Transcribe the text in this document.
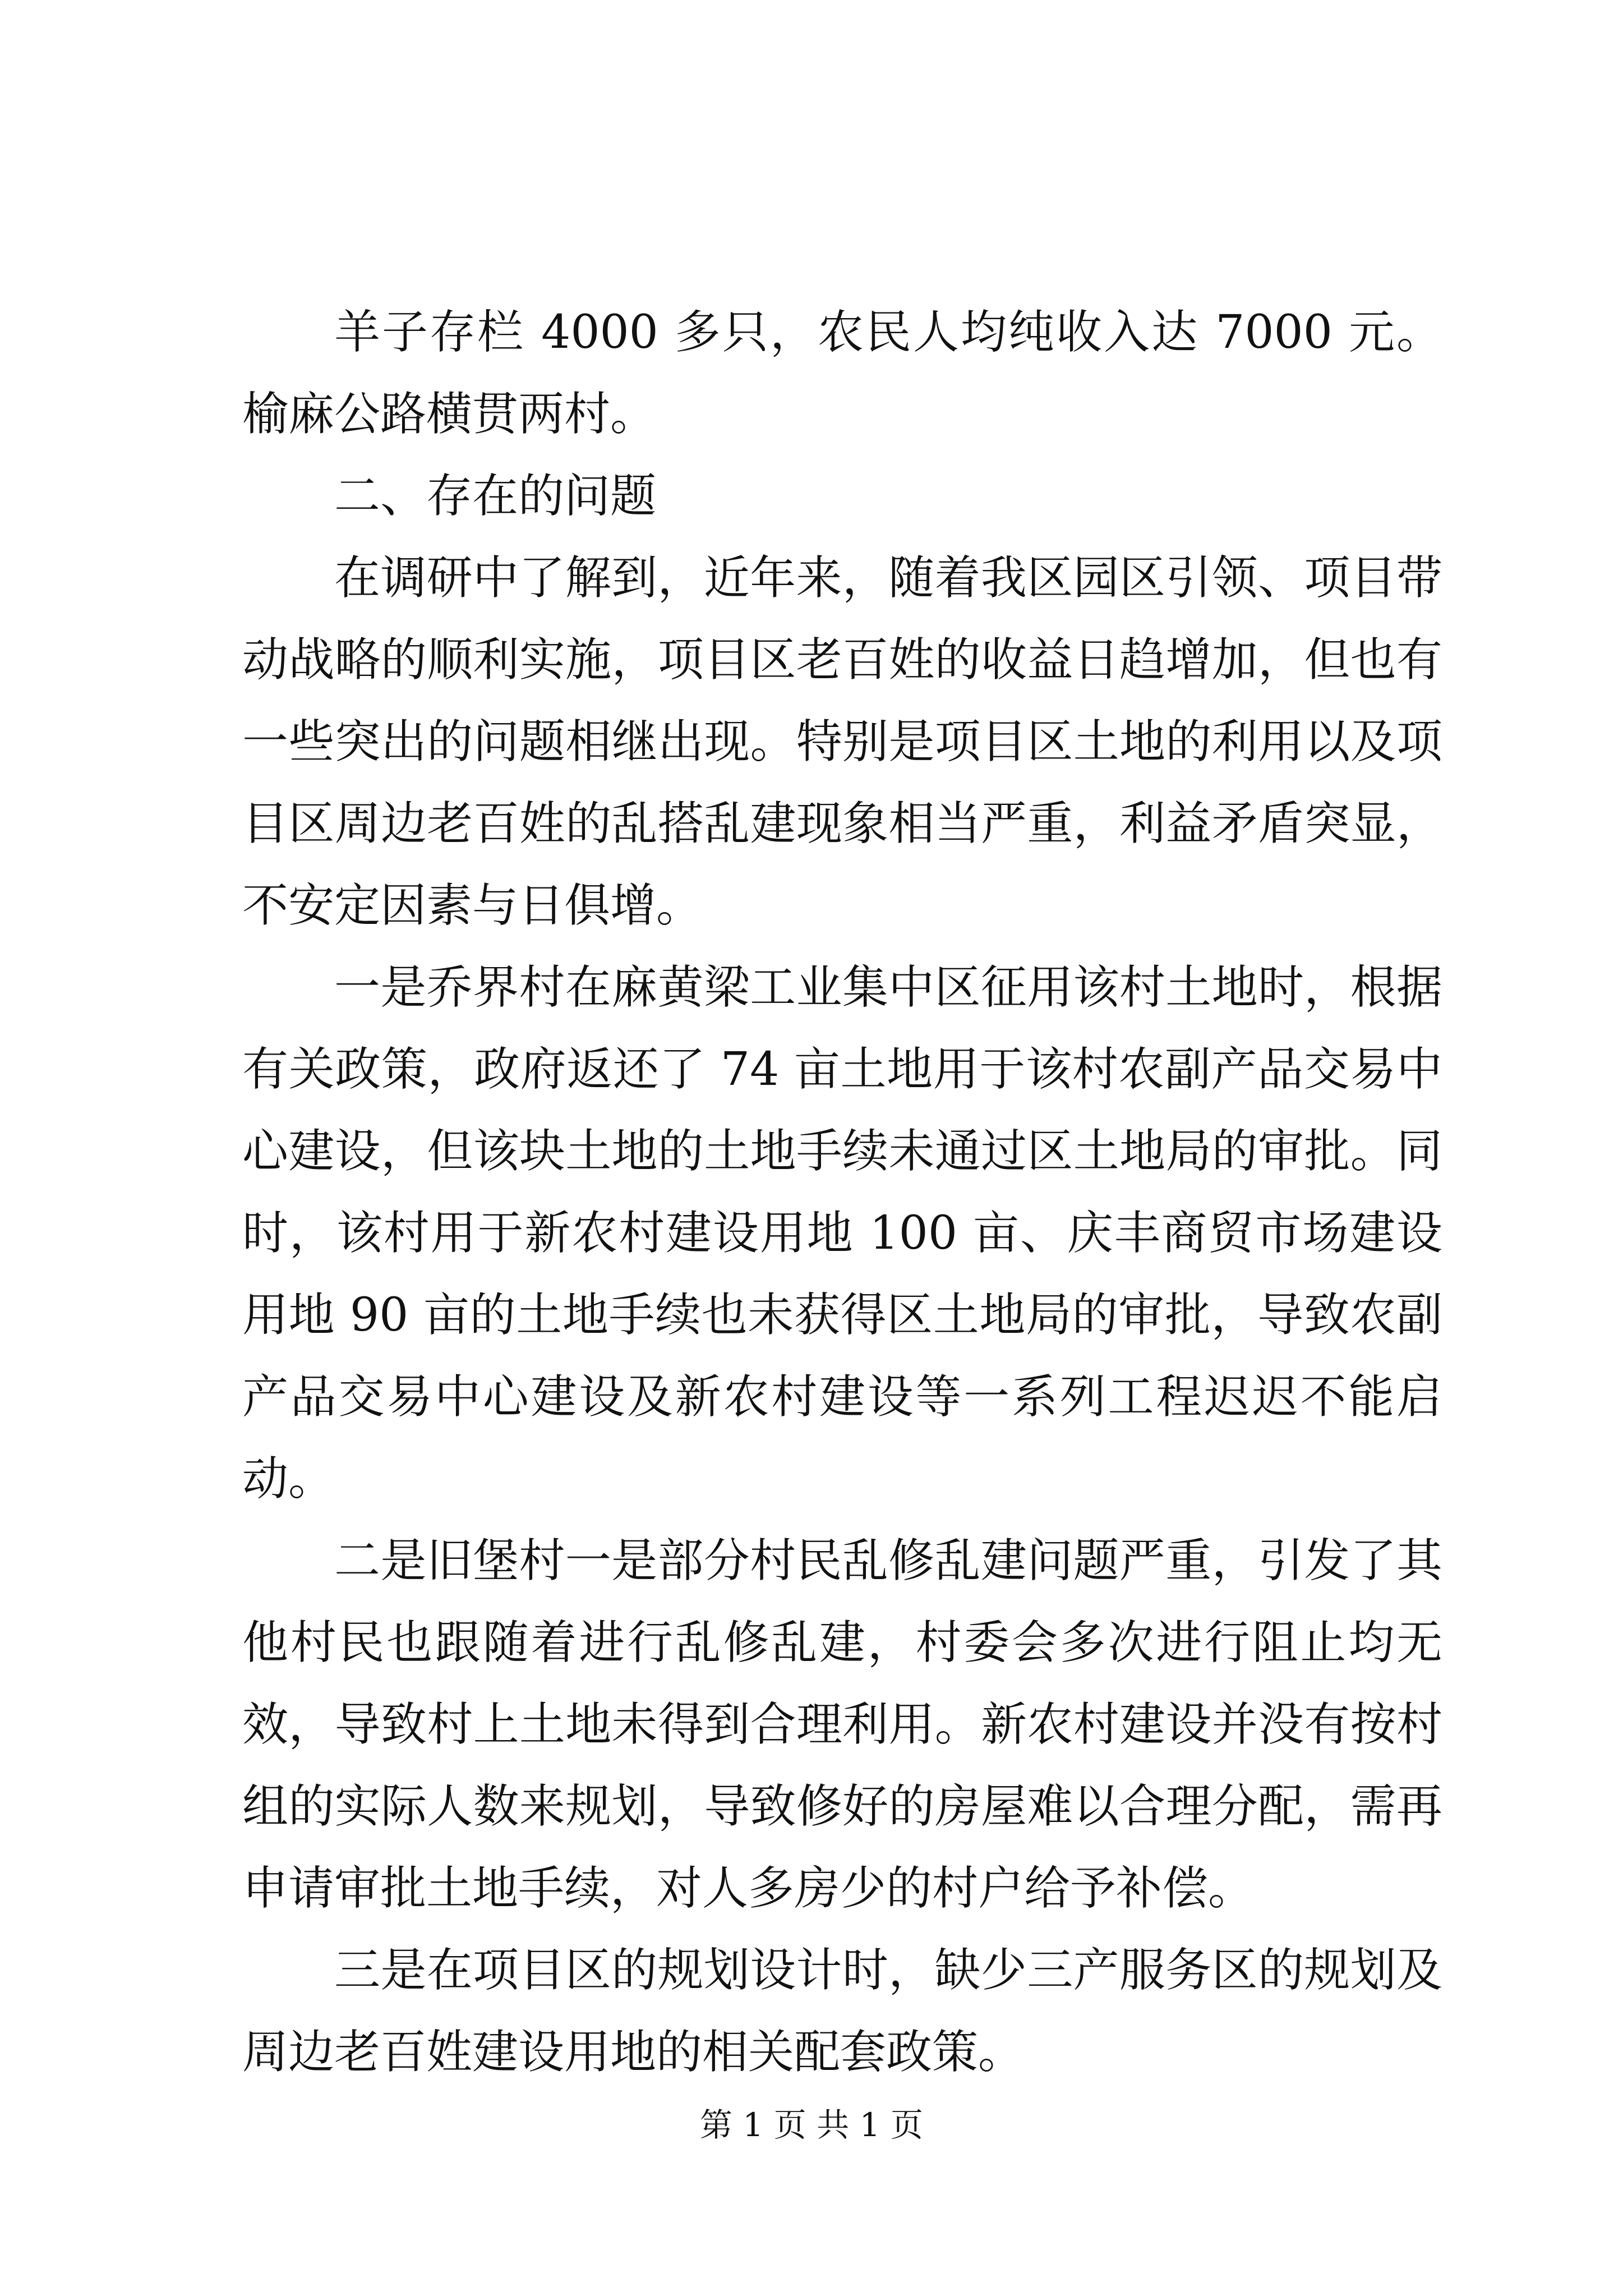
羊子存栏 4000 多只，农民人均纯收入达 7000 元。榆麻公路横贯两村。

二、存在的问题

在调研中了解到，近年来，随着我区园区引领、项目带动战略的顺利实施，项目区老百姓的收益日趋增加，但也有一些突出的问题相继出现。特别是项目区土地的利用以及项目区周边老百姓的乱搭乱建现象相当严重，利益矛盾突显，不安定因素与日俱增。

一是乔界村在麻黄梁工业集中区征用该村土地时，根据有关政策，政府返还了 74 亩土地用于该村农副产品交易中心建设，但该块土地的土地手续未通过区土地局的审批。同时，该村用于新农村建设用地 100 亩、庆丰商贸市场建设用地 90 亩的土地手续也未获得区土地局的审批，导致农副产品交易中心建设及新农村建设等一系列工程迟迟不能启动。

二是旧堡村一是部分村民乱修乱建问题严重，引发了其他村民也跟随着进行乱修乱建，村委会多次进行阻止均无效，导致村上土地未得到合理利用。新农村建设并没有按村组的实际人数来规划，导致修好的房屋难以合理分配，需再申请审批土地手续，对人多房少的村户给予补偿。

三是在项目区的规划设计时，缺少三产服务区的规划及周边老百姓建设用地的相关配套政策。

第 1 页 共 1 页
